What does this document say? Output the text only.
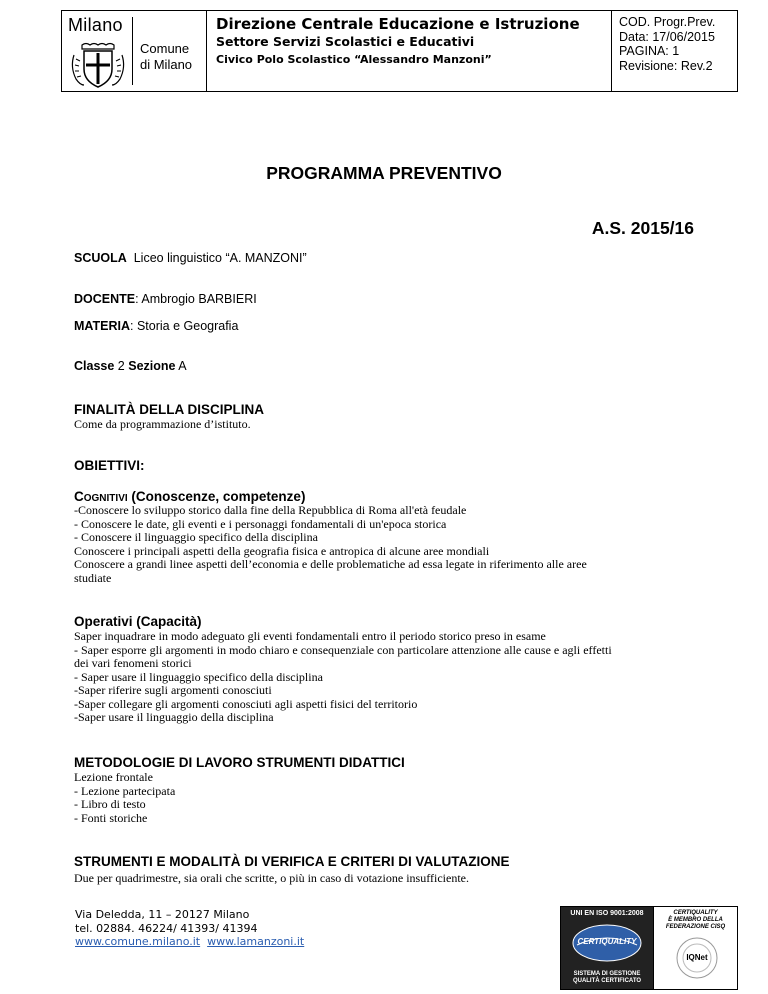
Milano
Comune
di Milano
Direzione Centrale Educazione e Istruzione
Settore Servizi Scolastici e Educativi
Civico Polo Scolastico “Alessandro Manzoni”
COD. Progr.Prev.
Data: 17/06/2015
PAGINA: 1
Revisione: Rev.2
PROGRAMMA PREVENTIVO
A.S. 2015/16
SCUOLA Liceo linguistico “A. MANZONI”
DOCENTE: Ambrogio BARBIERI
MATERIA: Storia e Geografia
Classe 2 Sezione A
FINALITÀ DELLA DISCIPLINA
Come da programmazione d’istituto.
OBIETTIVI:
COGNITIVI (Conoscenze, competenze)
-Conoscere lo sviluppo storico dalla fine della Repubblica di Roma all'età feudale
- Conoscere le date, gli eventi e i personaggi fondamentali di un'epoca storica
- Conoscere il linguaggio specifico della disciplina
Conoscere i principali aspetti della geografia fisica e antropica di alcune aree mondiali
Conoscere a grandi linee aspetti dell’economia e delle problematiche ad essa legate in riferimento alle aree studiate
Operativi (Capacità)
Saper inquadrare in modo adeguato gli eventi fondamentali entro il periodo storico preso in esame
- Saper esporre gli argomenti in modo chiaro e consequenziale con particolare attenzione alle cause e agli effetti dei vari fenomeni storici
- Saper usare il linguaggio specifico della disciplina
-Saper riferire sugli argomenti conosciuti
-Saper collegare gli argomenti conosciuti agli aspetti fisici del territorio
-Saper usare il linguaggio della disciplina
METODOLOGIE DI LAVORO STRUMENTI DIDATTICI
Lezione frontale
- Lezione partecipata
- Libro di testo
- Fonti storiche
STRUMENTI E MODALITÀ DI VERIFICA E CRITERI DI VALUTAZIONE
Due per quadrimestre, sia orali che scritte, o più in caso di votazione insufficiente.
Via Deledda, 11 – 20127 Milano
tel. 02884. 46224/ 41393/ 41394
www.comune.milano.it www.lamanzoni.it
UNI EN ISO 9001:2008
CERTIQUALITY
SISTEMA DI GESTIONE
QUALITÀ CERTIFICATO
CERTIQUALITY
È MEMBRO DELLA
FEDERAZIONE CISQ
IQNet
